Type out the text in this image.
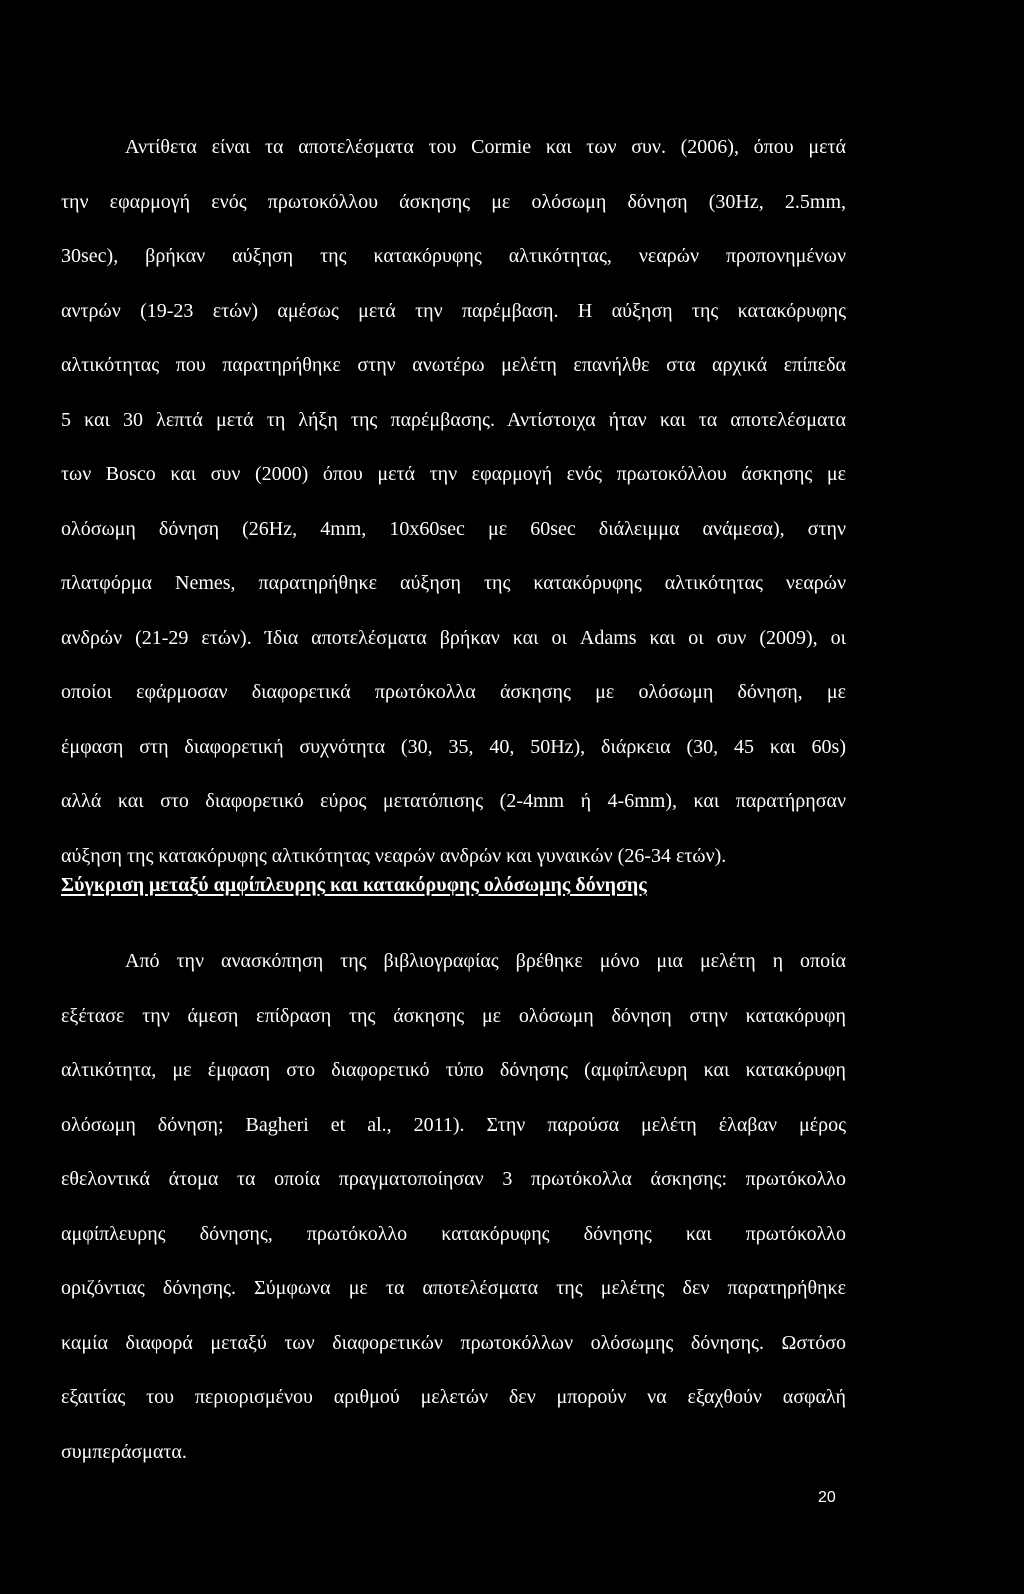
Αντίθετα είναι τα αποτελέσματα του Cormie και των συν. (2006), όπου μετά
την εφαρμογή ενός πρωτοκόλλου άσκησης με ολόσωμη δόνηση (30Hz, 2.5mm,
30sec), βρήκαν αύξηση της κατακόρυφης αλτικότητας, νεαρών προπονημένων
αντρών (19-23 ετών) αμέσως μετά την παρέμβαση. Η αύξηση της κατακόρυφης
αλτικότητας που παρατηρήθηκε στην ανωτέρω μελέτη επανήλθε στα αρχικά επίπεδα
5 και 30 λεπτά μετά τη λήξη της παρέμβασης. Αντίστοιχα ήταν και τα αποτελέσματα
των Bosco και συν (2000) όπου μετά την εφαρμογή ενός πρωτοκόλλου άσκησης με
ολόσωμη δόνηση (26Hz, 4mm, 10x60sec με 60sec διάλειμμα ανάμεσα), στην
πλατφόρμα Nemes, παρατηρήθηκε αύξηση της κατακόρυφης αλτικότητας νεαρών
ανδρών (21-29 ετών). Ίδια αποτελέσματα βρήκαν και οι Adams και οι συν (2009), οι
οποίοι εφάρμοσαν διαφορετικά πρωτόκολλα άσκησης με ολόσωμη δόνηση, με
έμφαση στη διαφορετική συχνότητα (30, 35, 40, 50Hz), διάρκεια (30, 45 και 60s)
αλλά και στο διαφορετικό εύρος μετατόπισης (2-4mm ή 4-6mm), και παρατήρησαν
αύξηση της κατακόρυφης αλτικότητας νεαρών ανδρών και γυναικών (26-34 ετών).
Σύγκριση μεταξύ αμφίπλευρης και κατακόρυφης ολόσωμης δόνησης
Από την ανασκόπηση της βιβλιογραφίας βρέθηκε μόνο μια μελέτη η οποία
εξέτασε την άμεση επίδραση της άσκησης με ολόσωμη δόνηση στην κατακόρυφη
αλτικότητα, με έμφαση στο διαφορετικό τύπο δόνησης (αμφίπλευρη και κατακόρυφη
ολόσωμη δόνηση; Bagheri et al., 2011). Στην παρούσα μελέτη έλαβαν μέρος
εθελοντικά άτομα τα οποία πραγματοποίησαν 3 πρωτόκολλα άσκησης: πρωτόκολλο
αμφίπλευρης δόνησης, πρωτόκολλο κατακόρυφης δόνησης και πρωτόκολλο
οριζόντιας δόνησης. Σύμφωνα με τα αποτελέσματα της μελέτης δεν παρατηρήθηκε
καμία διαφορά μεταξύ των διαφορετικών πρωτοκόλλων ολόσωμης δόνησης. Ωστόσο
εξαιτίας του περιορισμένου αριθμού μελετών δεν μπορούν να εξαχθούν ασφαλή
συμπεράσματα.
20
